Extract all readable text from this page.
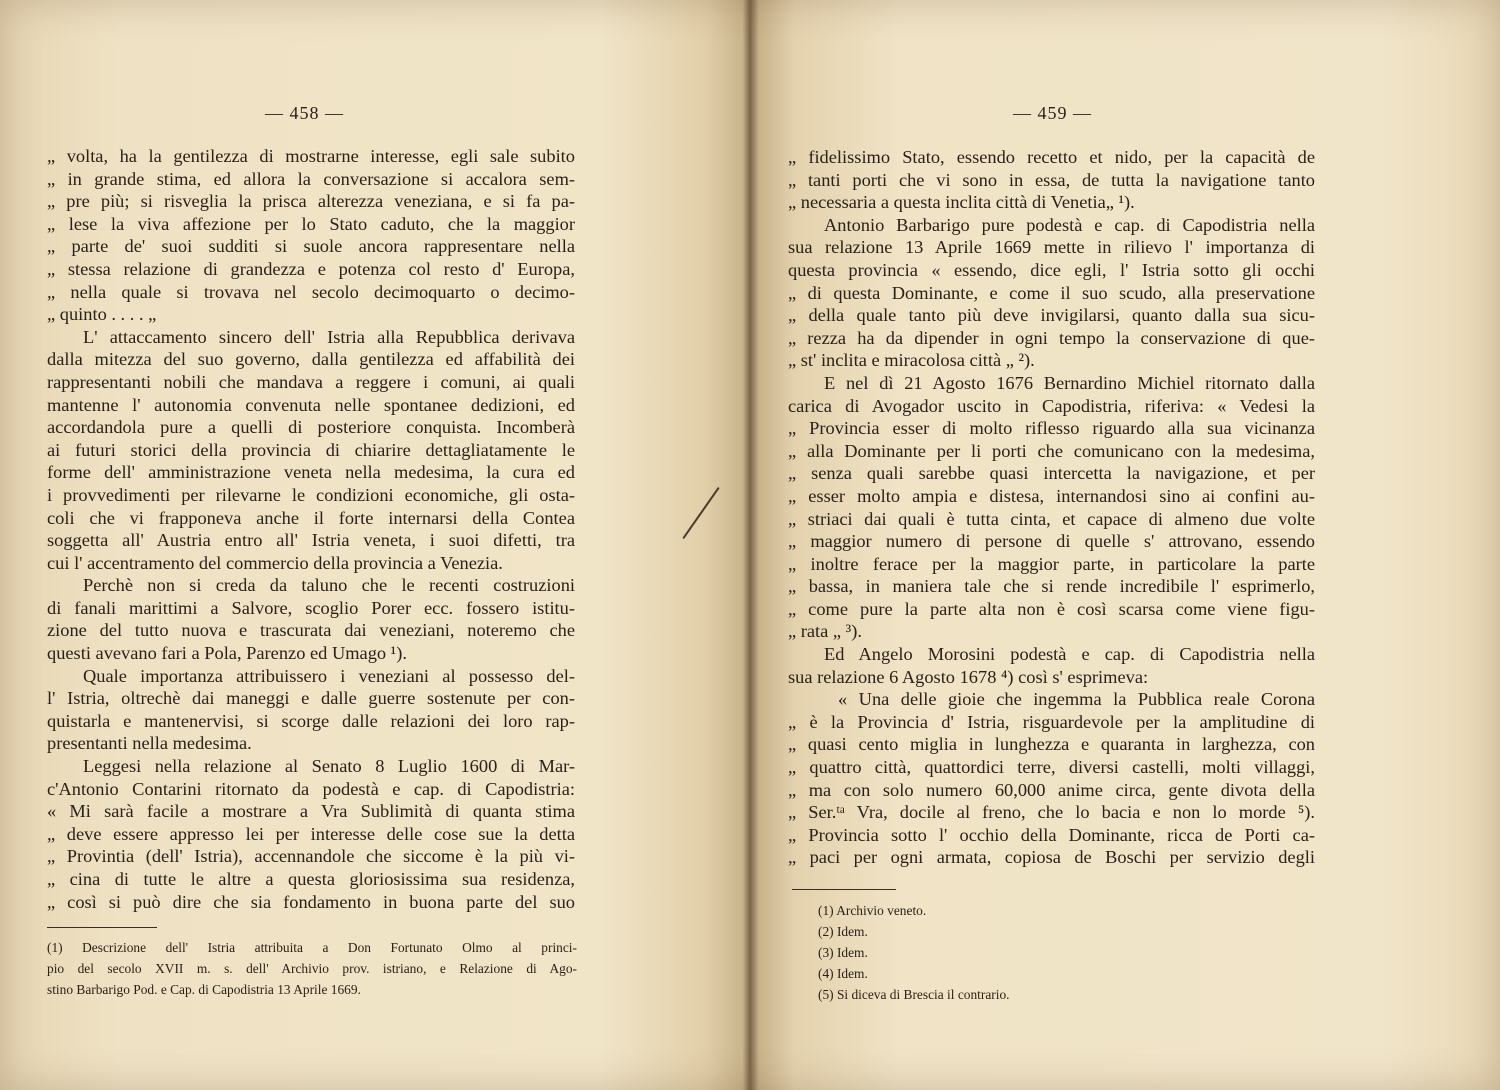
— 458 —
„ volta, ha la gentilezza di mostrarne interesse, egli sale subito
„ in grande stima, ed allora la conversazione si accalora sem-
„ pre più; si risveglia la prisca alterezza veneziana, e si fa pa-
„ lese la viva affezione per lo Stato caduto, che la maggior
„ parte de' suoi sudditi si suole ancora rappresentare nella
„ stessa relazione di grandezza e potenza col resto d' Europa,
„ nella quale si trovava nel secolo decimoquarto o decimo-
„ quinto . . . . „
L' attaccamento sincero dell' Istria alla Repubblica derivava
dalla mitezza del suo governo, dalla gentilezza ed affabilità dei
rappresentanti nobili che mandava a reggere i comuni, ai quali
mantenne l' autonomia convenuta nelle spontanee dedizioni, ed
accordandola pure a quelli di posteriore conquista. Incomberà
ai futuri storici della provincia di chiarire dettagliatamente le
forme dell' amministrazione veneta nella medesima, la cura ed
i provvedimenti per rilevarne le condizioni economiche, gli osta-
coli che vi frapponeva anche il forte internarsi della Contea
soggetta all' Austria entro all' Istria veneta, i suoi difetti, tra
cui l' accentramento del commercio della provincia a Venezia.
Perchè non si creda da taluno che le recenti costruzioni
di fanali marittimi a Salvore, scoglio Porer ecc. fossero istitu-
zione del tutto nuova e trascurata dai veneziani, noteremo che
questi avevano fari a Pola, Parenzo ed Umago ¹).
Quale importanza attribuissero i veneziani al possesso del-
l' Istria, oltrechè dai maneggi e dalle guerre sostenute per con-
quistarla e mantenervisi, si scorge dalle relazioni dei loro rap-
presentanti nella medesima.
Leggesi nella relazione al Senato 8 Luglio 1600 di Mar-
c'Antonio Contarini ritornato da podestà e cap. di Capodistria:
« Mi sarà facile a mostrare a Vra Sublimità di quanta stima
„ deve essere appresso lei per interesse delle cose sue la detta
„ Provintia (dell' Istria), accennandole che siccome è la più vi-
„ cina di tutte le altre a questa gloriosissima sua residenza,
„ così si può dire che sia fondamento in buona parte del suo
(1) Descrizione dell' Istria attribuita a Don Fortunato Olmo al princi-
pio del secolo XVII m. s. dell' Archivio prov. istriano, e Relazione di Ago-
stino Barbarigo Pod. e Cap. di Capodistria 13 Aprile 1669.
— 459 —
„ fidelissimo Stato, essendo recetto et nido, per la capacità de
„ tanti porti che vi sono in essa, de tutta la navigatione tanto
„ necessaria a questa inclita città di Venetia„ ¹).
Antonio Barbarigo pure podestà e cap. di Capodistria nella
sua relazione 13 Aprile 1669 mette in rilievo l' importanza di
questa provincia « essendo, dice egli, l' Istria sotto gli occhi
„ di questa Dominante, e come il suo scudo, alla preservatione
„ della quale tanto più deve invigilarsi, quanto dalla sua sicu-
„ rezza ha da dipender in ogni tempo la conservazione di que-
„ st' inclita e miracolosa città „ ²).
E nel dì 21 Agosto 1676 Bernardino Michiel ritornato dalla
carica di Avogador uscito in Capodistria, riferiva: « Vedesi la
„ Provincia esser di molto riflesso riguardo alla sua vicinanza
„ alla Dominante per li porti che comunicano con la medesima,
„ senza quali sarebbe quasi intercetta la navigazione, et per
„ esser molto ampia e distesa, internandosi sino ai confini au-
„ striaci dai quali è tutta cinta, et capace di almeno due volte
„ maggior numero di persone di quelle s' attrovano, essendo
„ inoltre ferace per la maggior parte, in particolare la parte
„ bassa, in maniera tale che si rende incredibile l' esprimerlo,
„ come pure la parte alta non è così scarsa come viene figu-
„ rata „ ³).
Ed Angelo Morosini podestà e cap. di Capodistria nella
sua relazione 6 Agosto 1678 ⁴) così s' esprimeva:
« Una delle gioie che ingemma la Pubblica reale Corona
„ è la Provincia d' Istria, risguardevole per la amplitudine di
„ quasi cento miglia in lunghezza e quaranta in larghezza, con
„ quattro città, quattordici terre, diversi castelli, molti villaggi,
„ ma con solo numero 60,000 anime circa, gente divota della
„ Ser.ᵗᵃ Vra, docile al freno, che lo bacia e non lo morde ⁵).
„ Provincia sotto l' occhio della Dominante, ricca de Porti ca-
„ paci per ogni armata, copiosa de Boschi per servizio degli
(1) Archivio veneto.
(2) Idem.
(3) Idem.
(4) Idem.
(5) Si diceva di Brescia il contrario.
